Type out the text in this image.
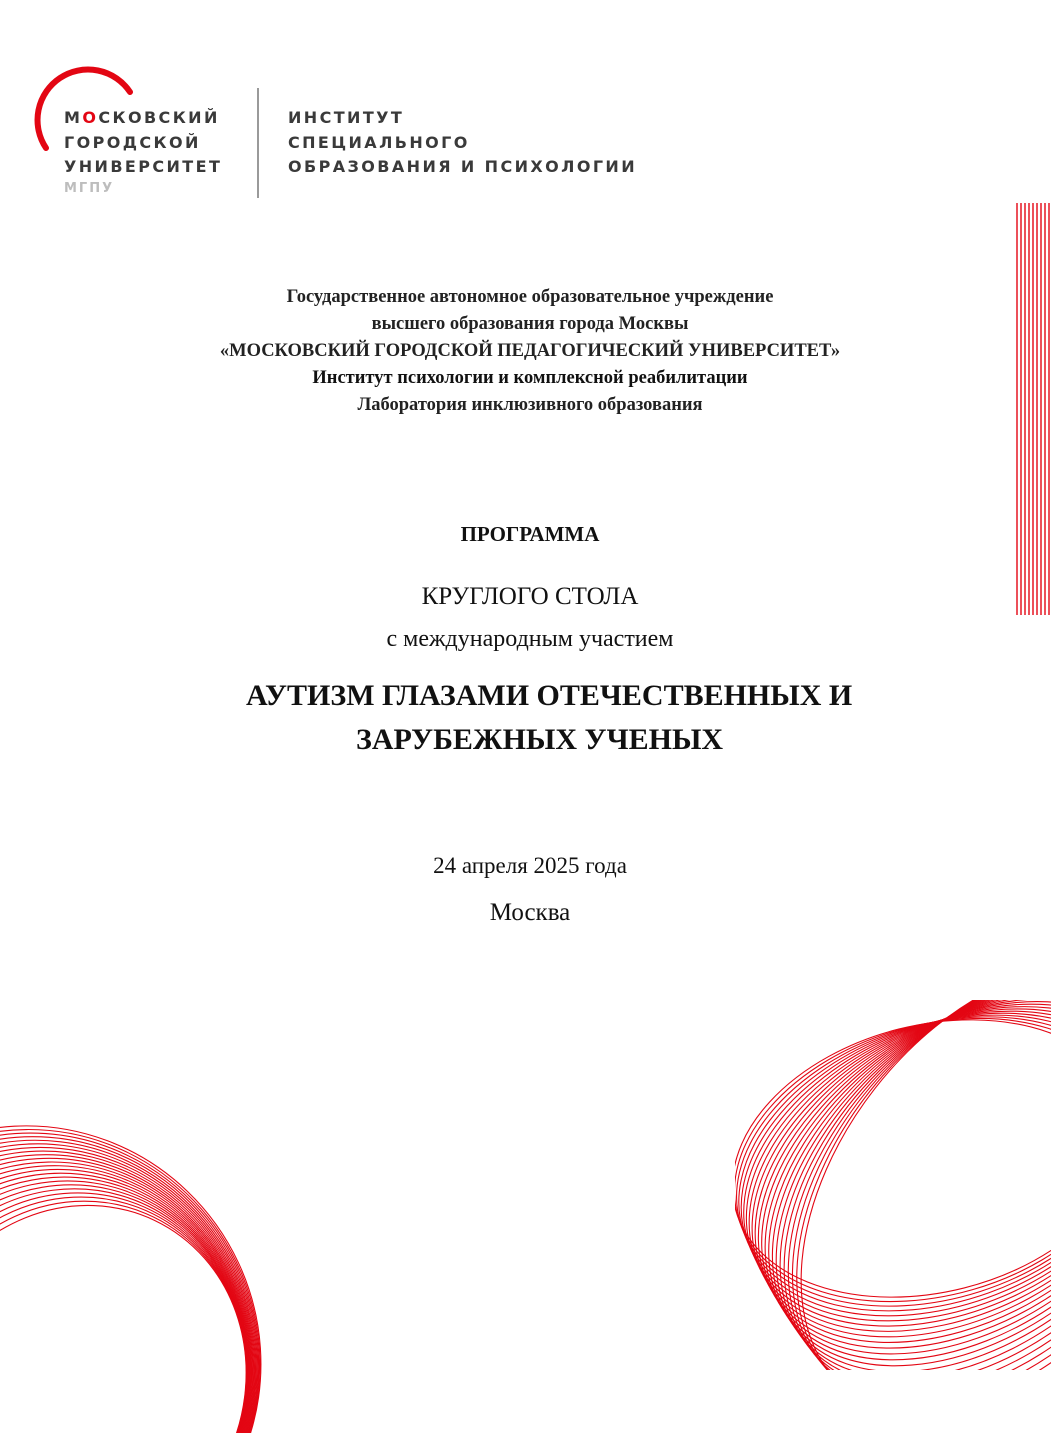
МОСКОВСКИЙ
ГОРОДСКОЙ
УНИВЕРСИТЕТ
МГПУ
ИНСТИТУТ
СПЕЦИАЛЬНОГО
ОБРАЗОВАНИЯ И ПСИХОЛОГИИ
Государственное автономное образовательное учреждение
высшего образования города Москвы
«МОСКОВСКИЙ ГОРОДСКОЙ ПЕДАГОГИЧЕСКИЙ УНИВЕРСИТЕТ»
Институт психологии и комплексной реабилитации
Лаборатория инклюзивного образования
ПРОГРАММА
КРУГЛОГО СТОЛА
с международным участием
АУТИЗМ ГЛАЗАМИ ОТЕЧЕСТВЕННЫХ И
ЗАРУБЕЖНЫХ УЧЕНЫХ
24 апреля 2025 года
Москва
